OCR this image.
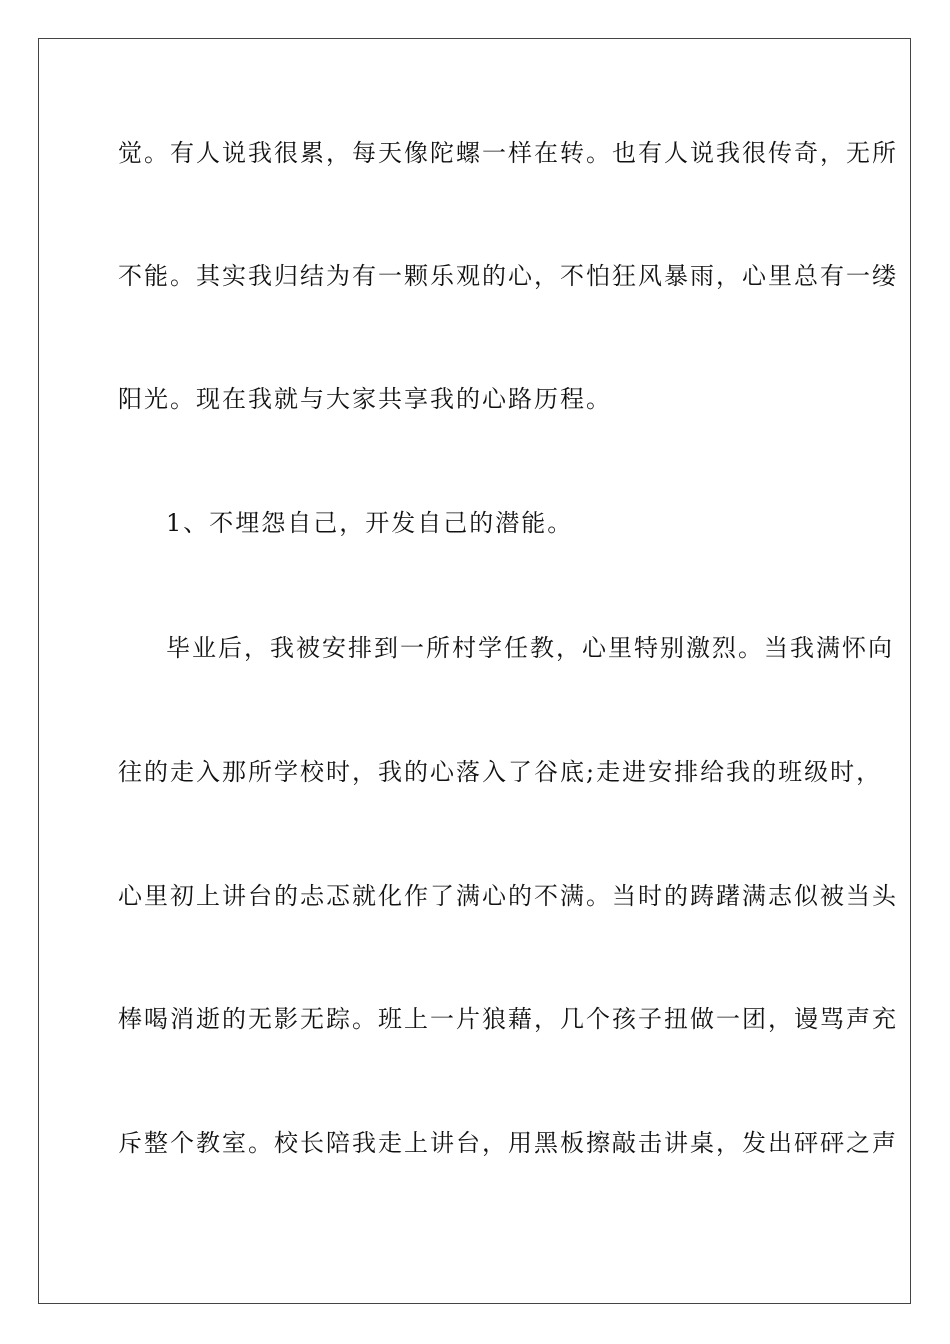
觉。有人说我很累，每天像陀螺一样在转。也有人说我很传奇，无所
不能。其实我归结为有一颗乐观的心，不怕狂风暴雨，心里总有一缕
阳光。现在我就与大家共享我的心路历程。
1、不埋怨自己，开发自己的潜能。
毕业后，我被安排到一所村学任教，心里特别激烈。当我满怀向
往的走入那所学校时，我的心落入了谷底;走进安排给我的班级时，
心里初上讲台的忐忑就化作了满心的不满。当时的踌躇满志似被当头
棒喝消逝的无影无踪。班上一片狼藉，几个孩子扭做一团，谩骂声充
斥整个教室。校长陪我走上讲台，用黑板擦敲击讲桌，发出砰砰之声
